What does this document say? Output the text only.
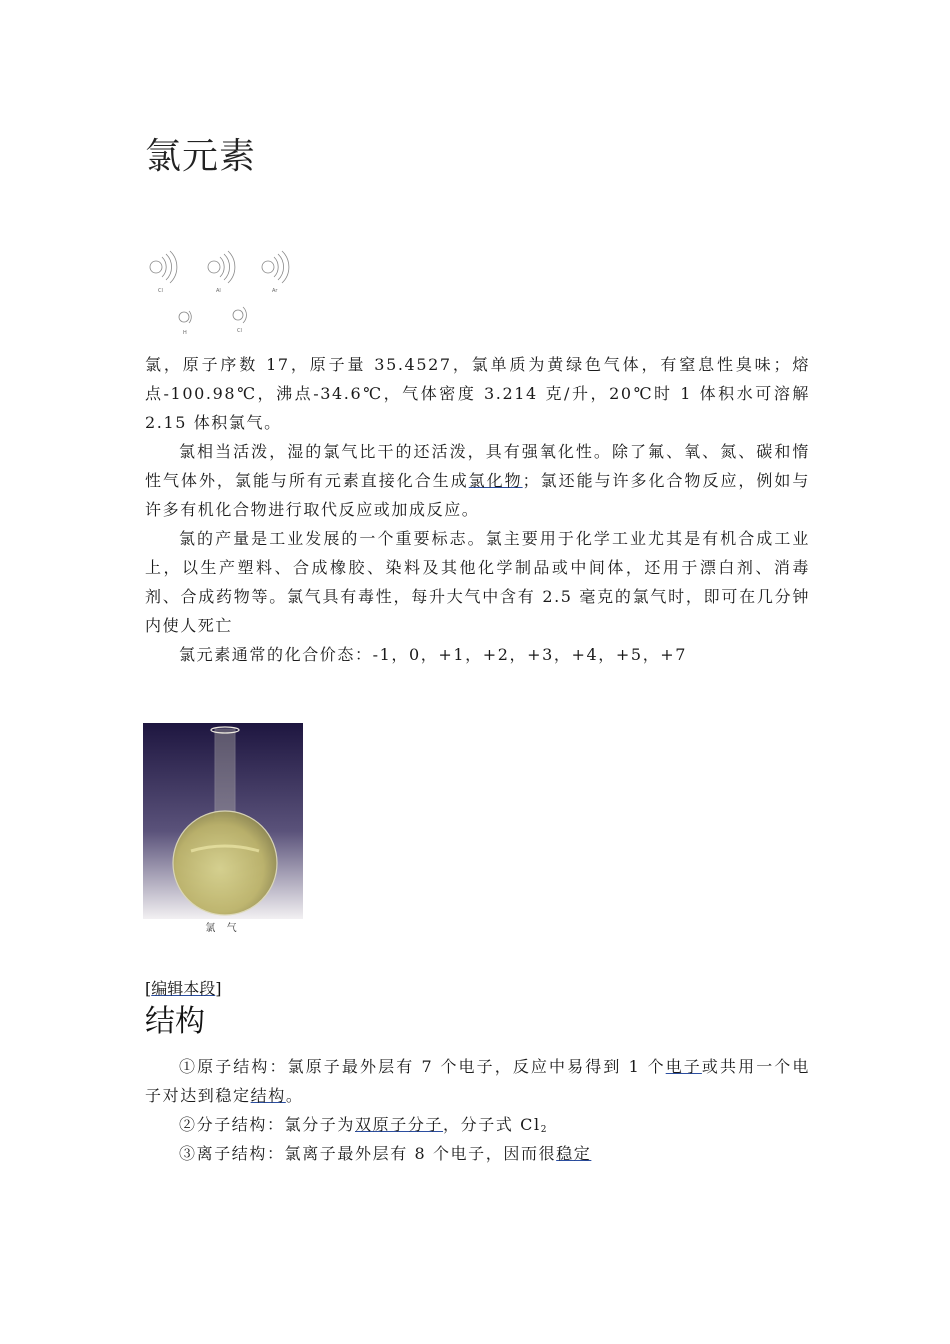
氯元素
Cl	Al	Ar
H	Cl
氯，原子序数 17，原子量 35.4527，氯单质为黄绿色气体，有窒息性臭味；熔点-100.98℃，沸点-34.6℃，气体密度 3.214 克/升，20℃时 1 体积水可溶解 2.15 体积氯气。
氯相当活泼，湿的氯气比干的还活泼，具有强氧化性。除了氟、氧、氮、碳和惰性气体外，氯能与所有元素直接化合生成氯化物；氯还能与许多化合物反应，例如与许多有机化合物进行取代反应或加成反应。
氯的产量是工业发展的一个重要标志。氯主要用于化学工业尤其是有机合成工业上，以生产塑料、合成橡胶、染料及其他化学制品或中间体，还用于漂白剂、消毒剂、合成药物等。氯气具有毒性，每升大气中含有 2.5 毫克的氯气时，即可在几分钟内使人死亡
氯元素通常的化合价态：-1，0，+1，+2，+3，+4，+5，+7
氯 气
[编辑本段]
结构
①原子结构：氯原子最外层有 7 个电子，反应中易得到 1 个电子或共用一个电子对达到稳定结构。
②分子结构：氯分子为双原子分子，分子式 $Cl_2$
③离子结构：氯离子最外层有 8 个电子，因而很稳定
